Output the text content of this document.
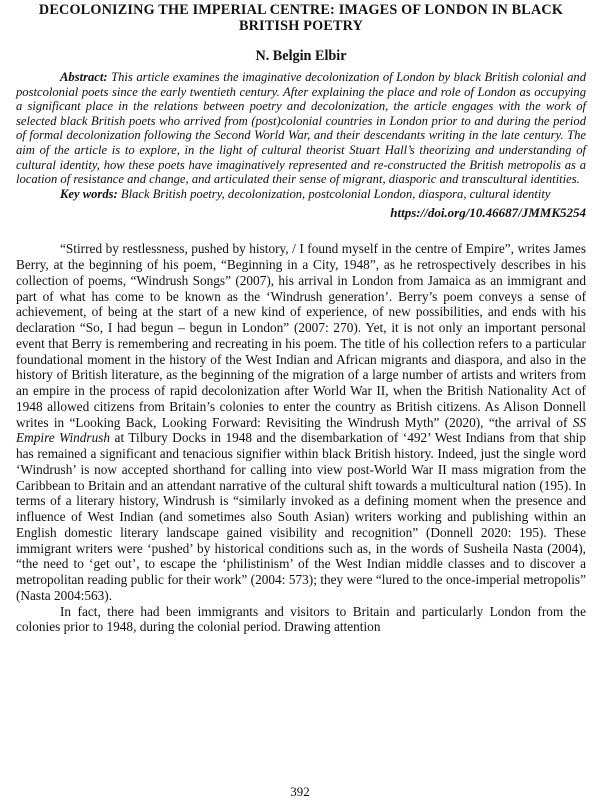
DECOLONIZING THE IMPERIAL CENTRE: IMAGES OF LONDON IN BLACK BRITISH POETRY
N. Belgin Elbir

Abstract: This article examines the imaginative decolonization of London by black British colonial and postcolonial poets since the early twentieth century. After explaining the place and role of London as occupying a significant place in the relations between poetry and decolonization, the article engages with the work of selected black British poets who arrived from (post)colonial countries in London prior to and during the period of formal decolonization following the Second World War, and their descendants writing in the late century. The aim of the article is to explore, in the light of cultural theorist Stuart Hall’s theorizing and understanding of cultural identity, how these poets have imaginatively represented and re-constructed the British metropolis as a location of resistance and change, and articulated their sense of migrant, diasporic and transcultural identities.

Key words: Black British poetry, decolonization, postcolonial London, diaspora, cultural identity

https://doi.org/10.46687/JMMK5254

“Stirred by restlessness, pushed by history, / I found myself in the centre of Empire”, writes James Berry, at the beginning of his poem, “Beginning in a City, 1948”, as he retrospectively describes in his collection of poems, “Windrush Songs” (2007), his arrival in London from Jamaica as an immigrant and part of what has come to be known as the ‘Windrush generation’. Berry’s poem conveys a sense of achievement, of being at the start of a new kind of experience, of new possibilities, and ends with his declaration “So, I had begun – begun in London” (2007: 270). Yet, it is not only an important personal event that Berry is remembering and recreating in his poem. The title of his collection refers to a particular foundational moment in the history of the West Indian and African migrants and diaspora, and also in the history of British literature, as the beginning of the migration of a large number of artists and writers from an empire in the process of rapid decolonization after World War II, when the British Nationality Act of 1948 allowed citizens from Britain’s colonies to enter the country as British citizens. As Alison Donnell writes in “Looking Back, Looking Forward: Revisiting the Windrush Myth” (2020), “the arrival of SS Empire Windrush at Tilbury Docks in 1948 and the disembarkation of ‘492’ West Indians from that ship has remained a significant and tenacious signifier within black British history. Indeed, just the single word ‘Windrush’ is now accepted shorthand for calling into view post-World War II mass migration from the Caribbean to Britain and an attendant narrative of the cultural shift towards a multicultural nation (195). In terms of a literary history, Windrush is “similarly invoked as a defining moment when the presence and influence of West Indian (and sometimes also South Asian) writers working and publishing within an English domestic literary landscape gained visibility and recognition” (Donnell 2020: 195). These immigrant writers were ‘pushed’ by historical conditions such as, in the words of Susheila Nasta (2004), “the need to ‘get out’, to escape the ‘philistinism’ of the West Indian middle classes and to discover a metropolitan reading public for their work” (2004: 573); they were “lured to the once-imperial metropolis” (Nasta 2004:563).

In fact, there had been immigrants and visitors to Britain and particularly London from the colonies prior to 1948, during the colonial period. Drawing attention

392
